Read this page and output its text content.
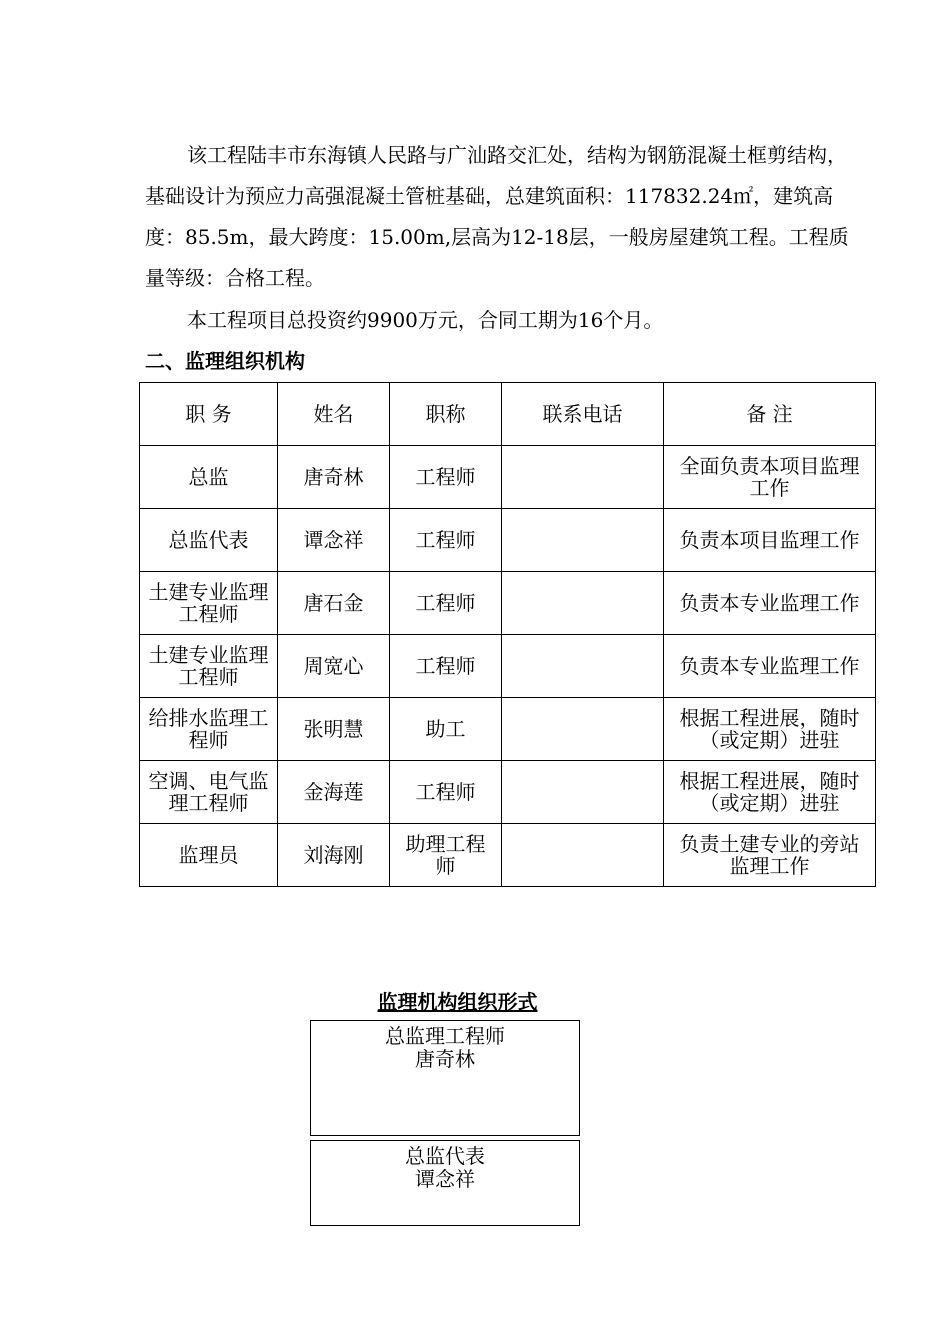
该工程陆丰市东海镇人民路与广汕路交汇处，结构为钢筋混凝土框剪结构，基础设计为预应力高强混凝土管桩基础，总建筑面积：117832.24㎡，建筑高度：85.5m，最大跨度：15.00m,层高为12-18层，一般房屋建筑工程。工程质量等级：合格工程。

本工程项目总投资约9900万元，合同工期为16个月。

二、监理组织机构
职 务	姓名	职称	联系电话	备 注
总监	唐奇林	工程师		全面负责本项目监理工作
总监代表	谭念祥	工程师		负责本项目监理工作
土建专业监理工程师	唐石金	工程师		负责本专业监理工作
土建专业监理工程师	周宽心	工程师		负责本专业监理工作
给排水监理工程师	张明慧	助工		根据工程进展，随时（或定期）进驻
空调、电气监理工程师	金海莲	工程师		根据工程进展，随时（或定期）进驻
监理员	刘海刚	助理工程师		负责土建专业的旁站监理工作
监理机构组织形式
总监理工程师
唐奇林
总监代表
谭念祥
